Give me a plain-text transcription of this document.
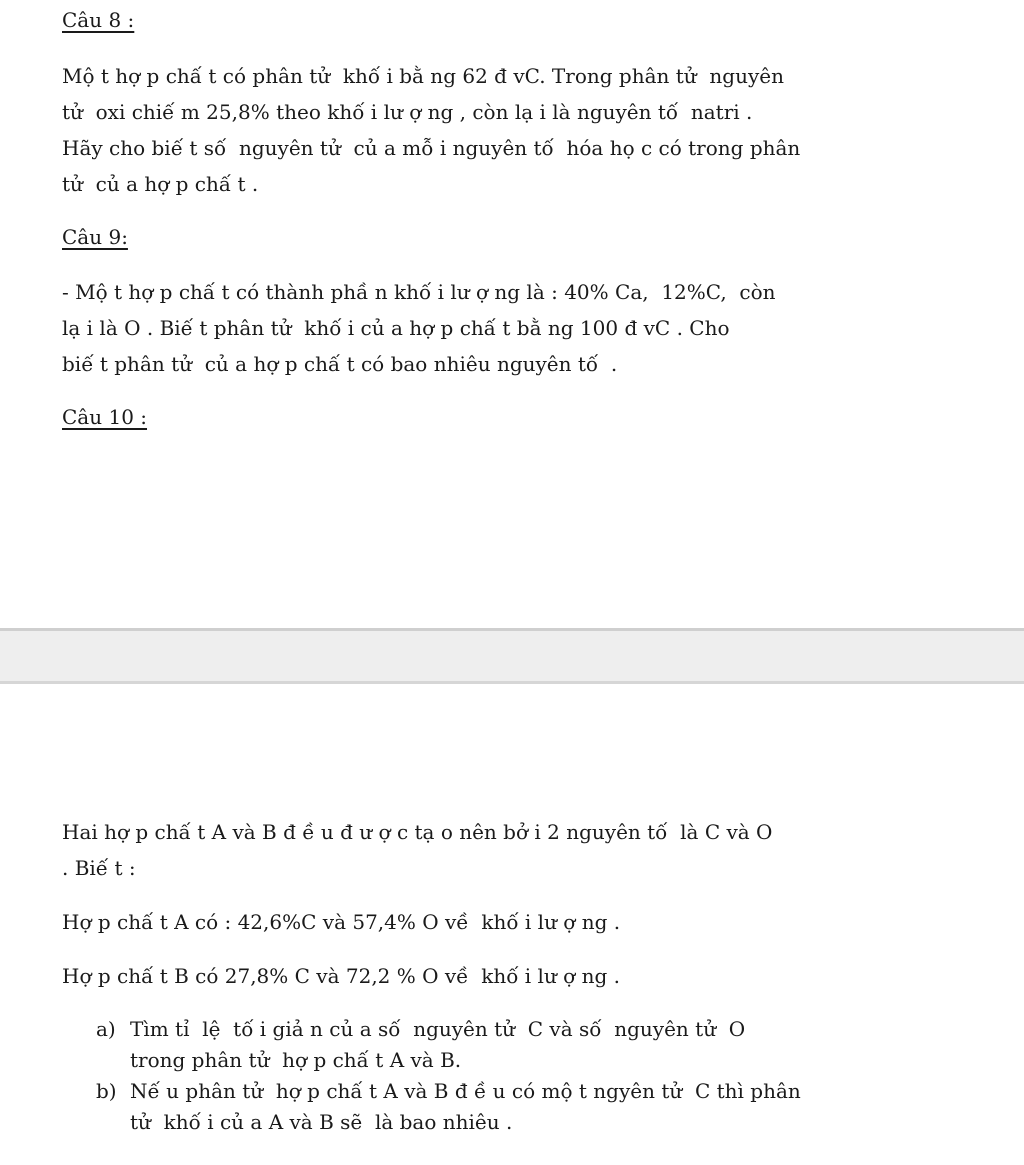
Câu 8 :

Mộ t hợ p chấ t có phân tử  khố i bằ ng 62 đ vC. Trong phân tử  nguyên
tử  oxi chiế m 25,8% theo khố i lư ợ ng , còn lạ i là nguyên tố  natri .
Hãy cho biế t số  nguyên tử  củ a mỗ i nguyên tố  hóa họ c có trong phân
tử  củ a hợ p chấ t .

Câu 9:

- Mộ t hợ p chấ t có thành phầ n khố i lư ợ ng là : 40% Ca,  12%C,  còn
lạ i là O . Biế t phân tử  khố i củ a hợ p chấ t bằ ng 100 đ vC . Cho
biế t phân tử  củ a hợ p chấ t có bao nhiêu nguyên tố  .

Câu 10 :

Hai hợ p chấ t A và B đ ề u đ ư ợ c tạ o nên bở i 2 nguyên tố  là C và O
. Biế t :

Hợ p chấ t A có : 42,6%C và 57,4% O về  khố i lư ợ ng .

Hợ p chấ t B có 27,8% C và 72,2 % O về  khố i lư ợ ng .

a) Tìm tỉ  lệ  tố i giả n củ a số  nguyên tử  C và số  nguyên tử  O
trong phân tử  hợ p chấ t A và B.
b) Nế u phân tử  hợ p chấ t A và B đ ề u có mộ t ngyên tử  C thì phân
tử  khố i củ a A và B sẽ  là bao nhiêu .
